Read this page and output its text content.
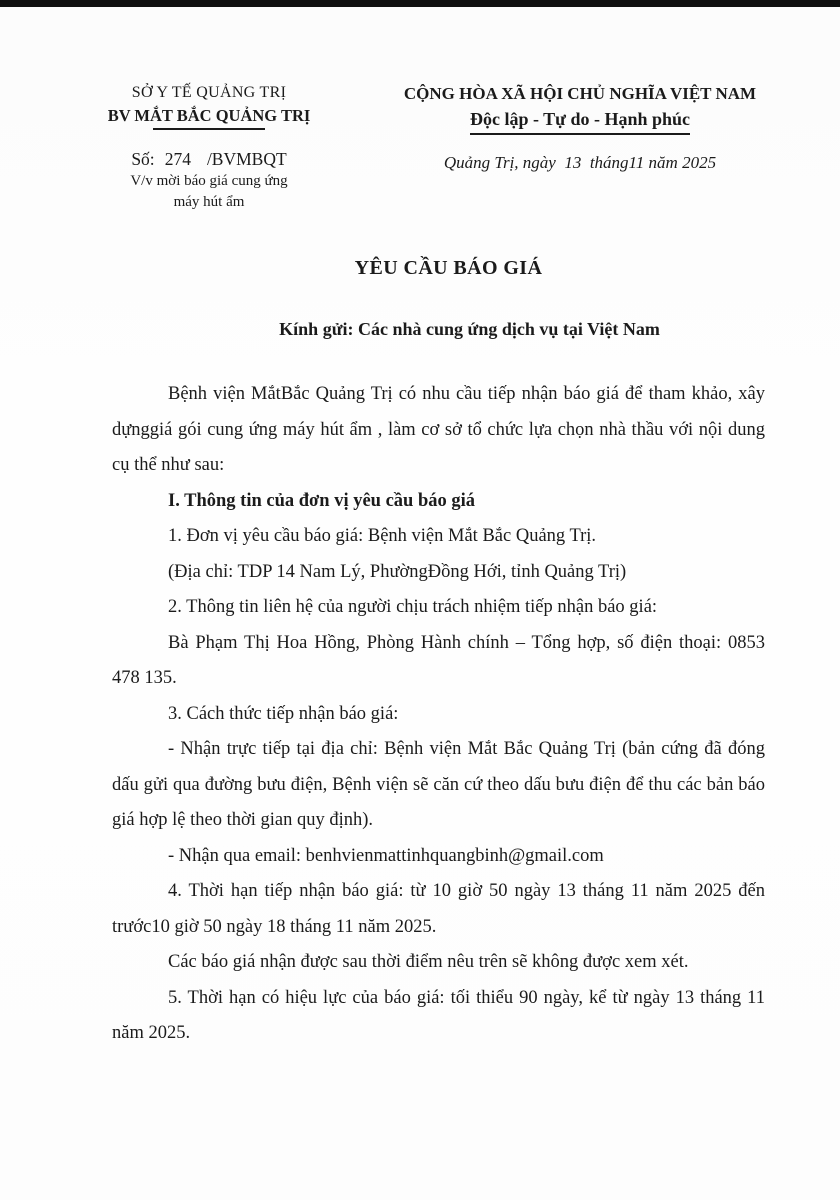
SỞ Y TẾ QUẢNG TRỊ
BV MẮT BẮC QUẢNG TRỊ
Số: 274 /BVMBQT
V/v mời báo giá cung ứng
máy hút ẩm
CỘNG HÒA XÃ HỘI CHỦ NGHĨA VIỆT NAM
Độc lập - Tự do - Hạnh phúc
Quảng Trị, ngày  13  tháng11 năm 2025
YÊU CẦU BÁO GIÁ
Kính gửi: Các nhà cung ứng dịch vụ tại Việt Nam

Bệnh viện MắtBắc Quảng Trị có nhu cầu tiếp nhận báo giá để tham khảo, xây dựnggiá gói cung ứng máy hút ẩm , làm cơ sở tổ chức lựa chọn nhà thầu với nội dung cụ thể như sau:

I. Thông tin của đơn vị yêu cầu báo giá

1. Đơn vị yêu cầu báo giá: Bệnh viện Mắt Bắc Quảng Trị.

(Địa chỉ: TDP 14 Nam Lý, PhườngĐồng Hới, tỉnh Quảng Trị)

2. Thông tin liên hệ của người chịu trách nhiệm tiếp nhận báo giá:

Bà Phạm Thị Hoa Hồng, Phòng Hành chính – Tổng hợp, số điện thoại: 0853 478 135.

3. Cách thức tiếp nhận báo giá:

- Nhận trực tiếp tại địa chỉ: Bệnh viện Mắt Bắc Quảng Trị (bản cứng đã đóng dấu gửi qua đường bưu điện, Bệnh viện sẽ căn cứ theo dấu bưu điện để thu các bản báo giá hợp lệ theo thời gian quy định).

- Nhận qua email: benhvienmattinhquangbinh@gmail.com

4. Thời hạn tiếp nhận báo giá: từ 10 giờ 50 ngày 13 tháng 11 năm 2025 đến trước10 giờ 50 ngày 18 tháng 11 năm 2025.

Các báo giá nhận được sau thời điểm nêu trên sẽ không được xem xét.

5. Thời hạn có hiệu lực của báo giá: tối thiểu 90 ngày, kể từ ngày 13 tháng 11 năm 2025.
